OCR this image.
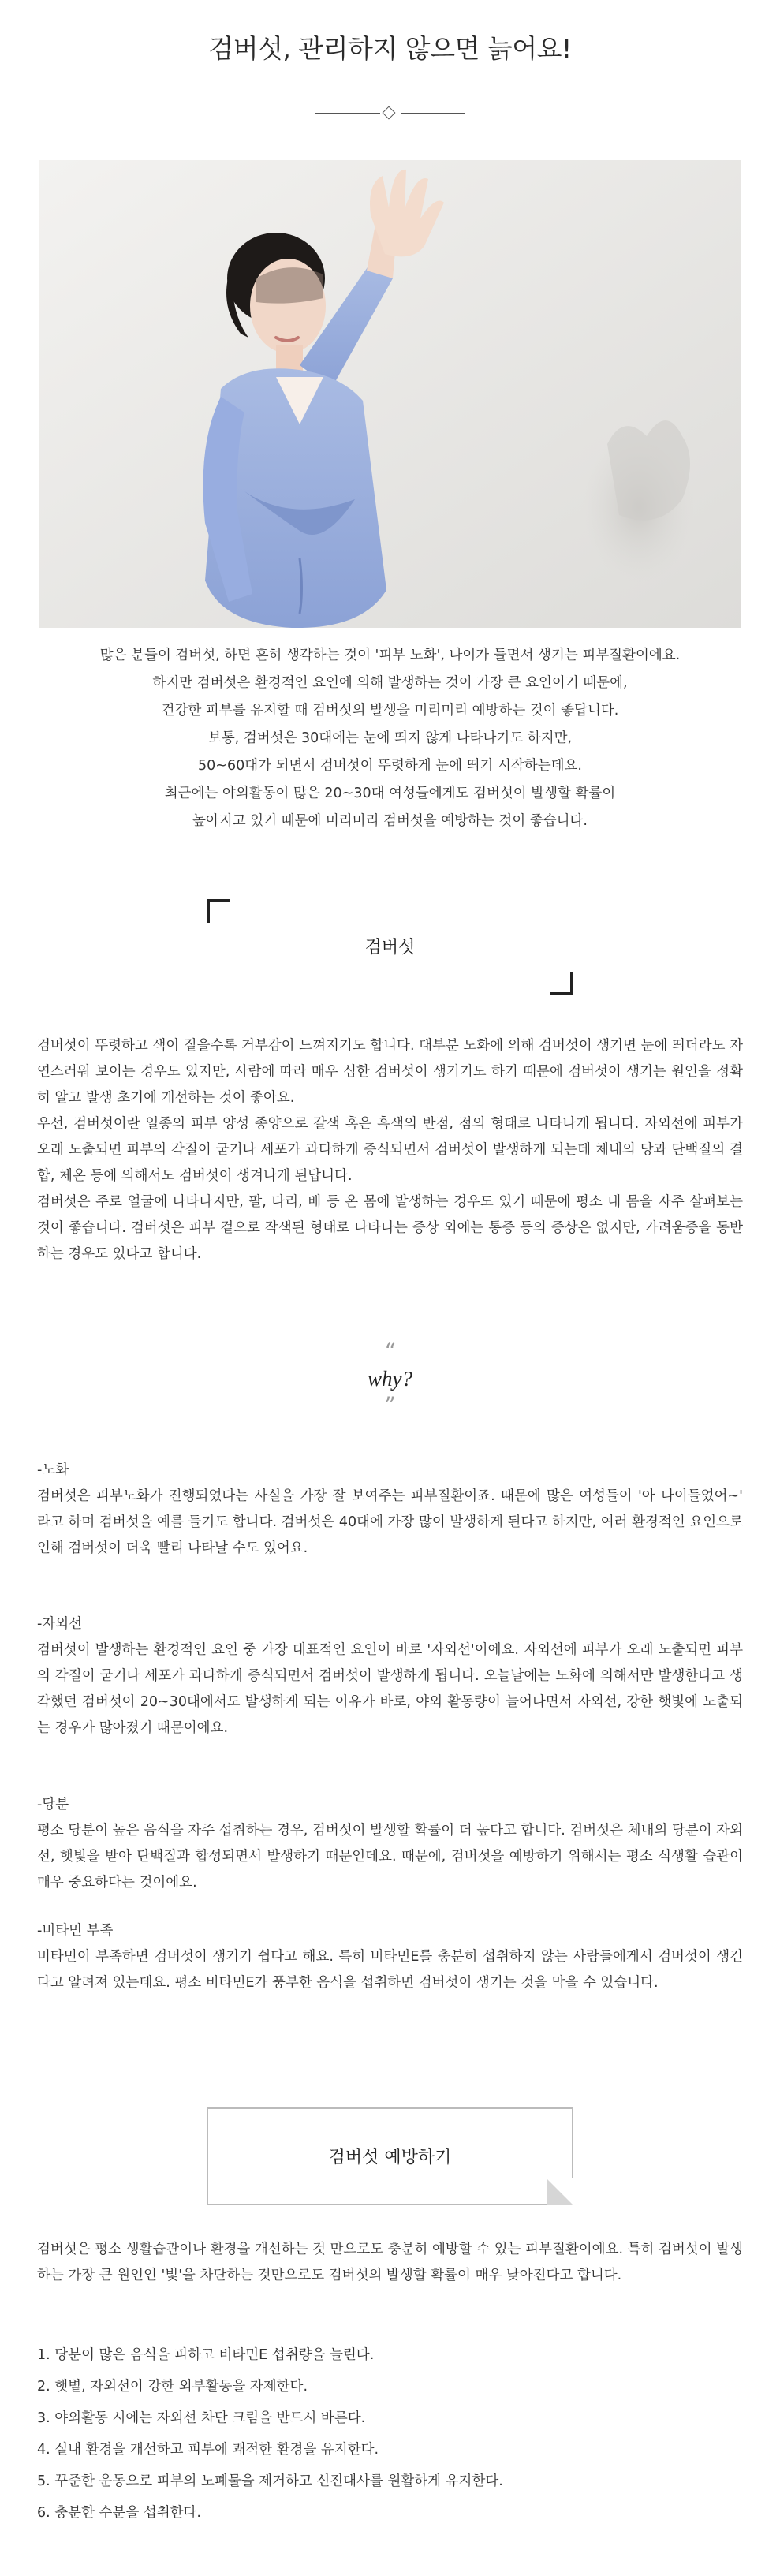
검버섯, 관리하지 않으면 늙어요!
많은 분들이 검버섯, 하면 흔히 생각하는 것이 '피부 노화', 나이가 들면서 생기는 피부질환이에요.
하지만 검버섯은 환경적인 요인에 의해 발생하는 것이 가장 큰 요인이기 때문에,
건강한 피부를 유지할 때 검버섯의 발생을 미리미리 예방하는 것이 좋답니다.
보통, 검버섯은 30대에는 눈에 띄지 않게 나타나기도 하지만,
50~60대가 되면서 검버섯이 뚜렷하게 눈에 띄기 시작하는데요.
최근에는 야외활동이 많은 20~30대 여성들에게도 검버섯이 발생할 확률이
높아지고 있기 때문에 미리미리 검버섯을 예방하는 것이 좋습니다.
검버섯
검버섯이 뚜렷하고 색이 짙을수록 거부감이 느껴지기도 합니다. 대부분 노화에 의해 검버섯이 생기면 눈에 띄더라도 자연스러워 보이는 경우도 있지만, 사람에 따라 매우 심한 검버섯이 생기기도 하기 때문에 검버섯이 생기는 원인을 정확히 알고 발생 초기에 개선하는 것이 좋아요.
우선, 검버섯이란 일종의 피부 양성 종양으로 갈색 혹은 흑색의 반점, 점의 형태로 나타나게 됩니다. 자외선에 피부가 오래 노출되면 피부의 각질이 굳거나 세포가 과다하게 증식되면서 검버섯이 발생하게 되는데 체내의 당과 단백질의 결합, 체온 등에 의해서도 검버섯이 생겨나게 된답니다.
검버섯은 주로 얼굴에 나타나지만, 팔, 다리, 배 등 온 몸에 발생하는 경우도 있기 때문에 평소 내 몸을 자주 살펴보는 것이 좋습니다. 검버섯은 피부 겉으로 작색된 형태로 나타나는 증상 외에는 통증 등의 증상은 없지만, 가려움증을 동반하는 경우도 있다고 합니다.
“
why?
”
-노화
검버섯은 피부노화가 진행되었다는 사실을 가장 잘 보여주는 피부질환이죠. 때문에 많은 여성들이 '아 나이들었어~' 라고 하며 검버섯을 예를 들기도 합니다. 검버섯은 40대에 가장 많이 발생하게 된다고 하지만, 여러 환경적인 요인으로 인해 검버섯이 더욱 빨리 나타날 수도 있어요.
-자외선
검버섯이 발생하는 환경적인 요인 중 가장 대표적인 요인이 바로 '자외선'이에요. 자외선에 피부가 오래 노출되면 피부의 각질이 굳거나 세포가 과다하게 증식되면서 검버섯이 발생하게 됩니다. 오늘날에는 노화에 의해서만 발생한다고 생각했던 검버섯이 20~30대에서도 발생하게 되는 이유가 바로, 야외 활동량이 늘어나면서 자외선, 강한 햇빛에 노출되는 경우가 많아졌기 때문이에요.
-당분
평소 당분이 높은 음식을 자주 섭취하는 경우, 검버섯이 발생할 확률이 더 높다고 합니다. 검버섯은 체내의 당분이 자외선, 햇빛을 받아 단백질과 합성되면서 발생하기 때문인데요. 때문에, 검버섯을 예방하기 위해서는 평소 식생활 습관이 매우 중요하다는 것이에요.
-비타민 부족
비타민이 부족하면 검버섯이 생기기 쉽다고 해요. 특히 비타민E를 충분히 섭취하지 않는 사람들에게서 검버섯이 생긴다고 알려져 있는데요. 평소 비타민E가 풍부한 음식을 섭취하면 검버섯이 생기는 것을 막을 수 있습니다.
검버섯 예방하기
검버섯은 평소 생활습관이나 환경을 개선하는 것 만으로도 충분히 예방할 수 있는 피부질환이예요. 특히 검버섯이 발생하는 가장 큰 원인인 '빛'을 차단하는 것만으로도 검버섯의 발생할 확률이 매우 낮아진다고 합니다.
1. 당분이 많은 음식을 피하고 비타민E 섭취량을 늘린다.
2. 햇볕, 자외선이 강한 외부활동을 자제한다.
3. 야외활동 시에는 자외선 차단 크림을 반드시 바른다.
4. 실내 환경을 개선하고 피부에 쾌적한 환경을 유지한다.
5. 꾸준한 운동으로 피부의 노폐물을 제거하고 신진대사를 원활하게 유지한다.
6. 충분한 수분을 섭취한다.
